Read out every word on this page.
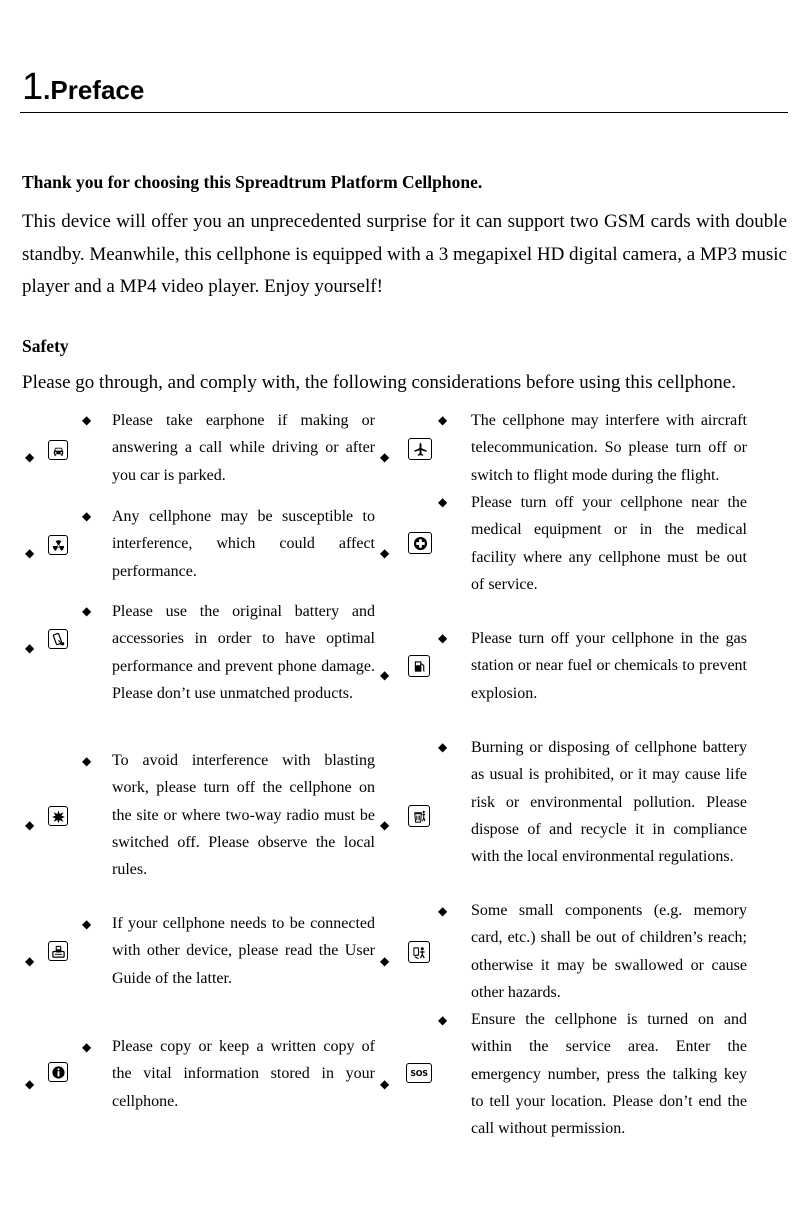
1.Preface
Thank you for choosing this Spreadtrum Platform Cellphone.
This device will offer you an unprecedented surprise for it can support two GSM cards with double standby. Meanwhile, this cellphone is equipped with a 3 megapixel HD digital camera, a MP3 music player and a MP4 video player. Enjoy yourself!
Safety
Please go through, and comply with, the following considerations before using this cellphone.
◆
◆
Please take earphone if making or answering a call while driving or after you car is parked.
◆
◆
Any cellphone may be susceptible to interference, which could affect performance.
◆
◆
Please use the original battery and accessories in order to have optimal performance and prevent phone damage. Please don’t use unmatched products.
◆
◆
To avoid interference with blasting work, please turn off the cellphone on the site or where two-way radio must be switched off. Please observe the local rules.
◆
◆
If your cellphone needs to be connected with other device, please read the User Guide of the latter.
◆
◆
Please copy or keep a written copy of the vital information stored in your cellphone.
◆
◆
The cellphone may interfere with aircraft telecommunication. So please turn off or switch to flight mode during the flight.
◆
◆
Please turn off your cellphone near the medical equipment or in the medical facility where any cellphone must be out of service.
◆
◆
Please turn off your cellphone in the gas station or near fuel or chemicals to prevent explosion.
◆
◆
Burning or disposing of cellphone battery as usual is prohibited, or it may cause life risk or environmental pollution. Please dispose of and recycle it in compliance with the local environmental regulations.
◆
◆
Some small components (e.g. memory card, etc.) shall be out of children’s reach; otherwise it may be swallowed or cause other hazards.
◆
◆
SOS
Ensure the cellphone is turned on and within the service area. Enter the emergency number, press the talking key to tell your location. Please don’t end the call without permission.
